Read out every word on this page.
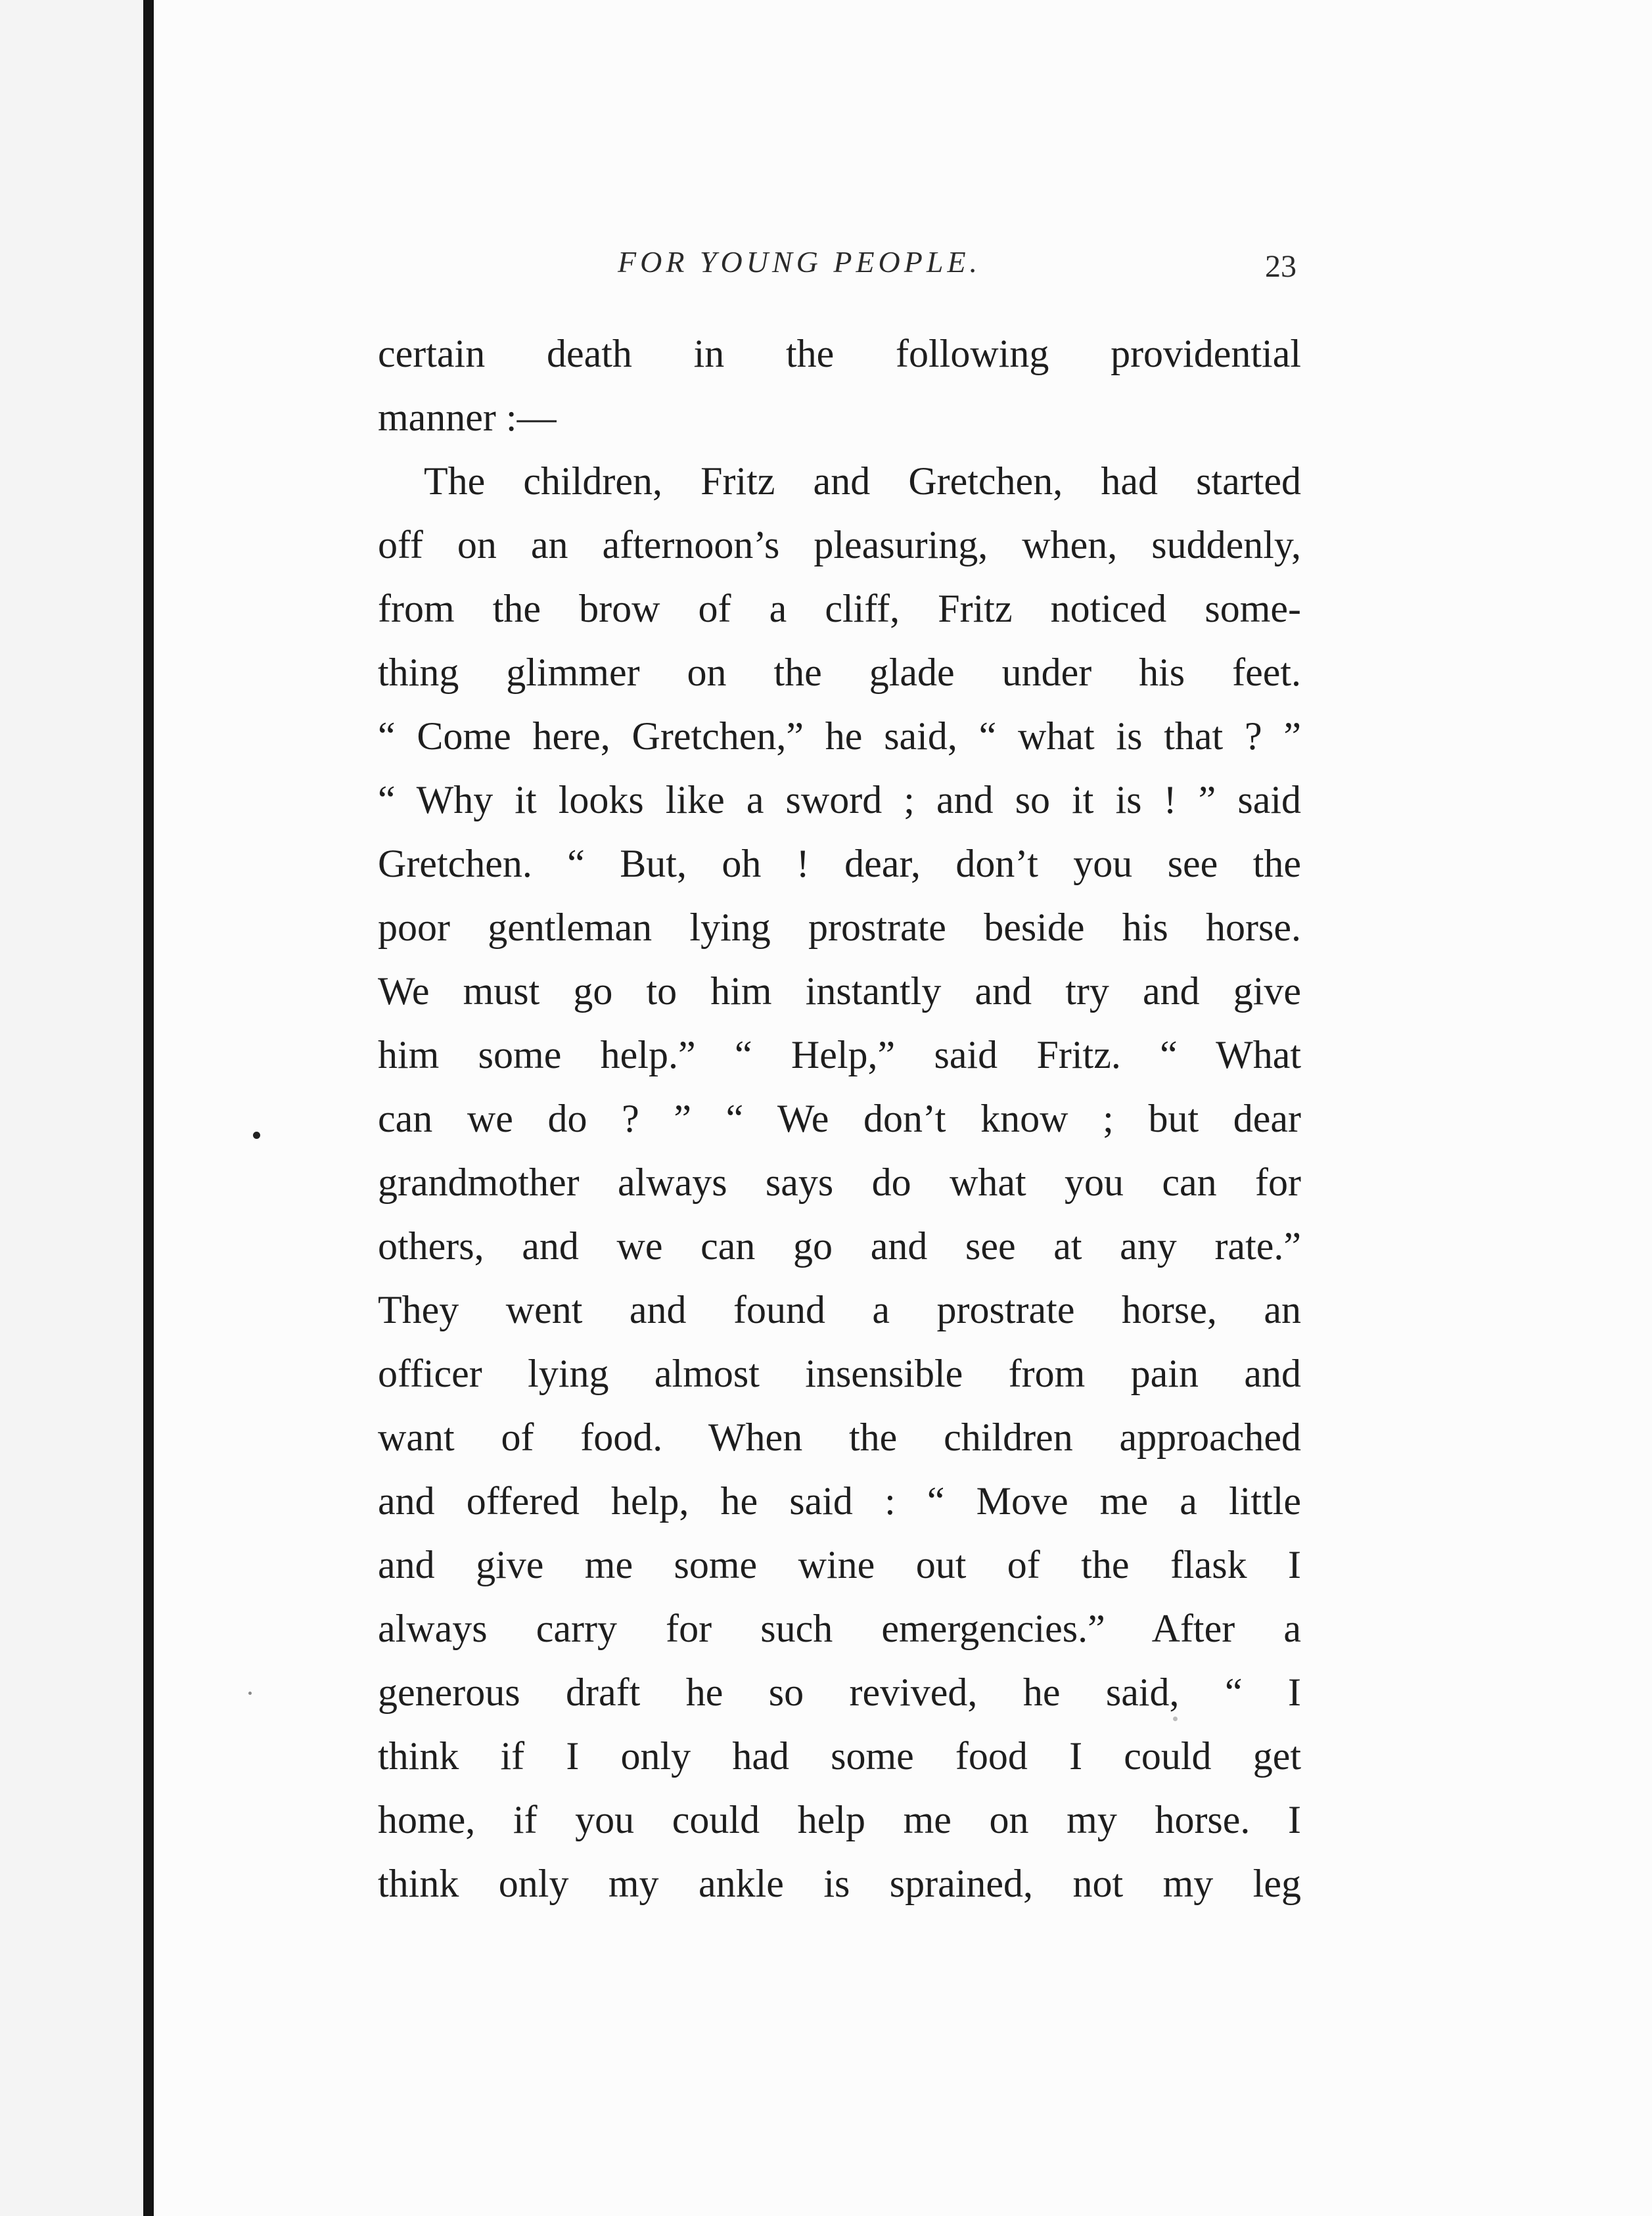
FOR YOUNG PEOPLE.	23
certain death in the following providential
manner :—
The children, Fritz and Gretchen, had started
off on an afternoon’s pleasuring, when, suddenly,
from the brow of a cliff, Fritz noticed some-
thing glimmer on the glade under his feet.
“ Come here, Gretchen,” he said, “ what is that ? ”
“ Why it looks like a sword ; and so it is ! ” said
Gretchen. “ But, oh ! dear, don’t you see the
poor gentleman lying prostrate beside his horse.
We must go to him instantly and try and give
him some help.” “ Help,” said Fritz. “ What
can we do ? ” “ We don’t know ; but dear
grandmother always says do what you can for
others, and we can go and see at any rate.”
They went and found a prostrate horse, an
officer lying almost insensible from pain and
want of food. When the children approached
and offered help, he said : “ Move me a little
and give me some wine out of the flask I
always carry for such emergencies.” After a
generous draft he so revived, he said, “ I
think if I only had some food I could get
home, if you could help me on my horse. I
think only my ankle is sprained, not my leg
